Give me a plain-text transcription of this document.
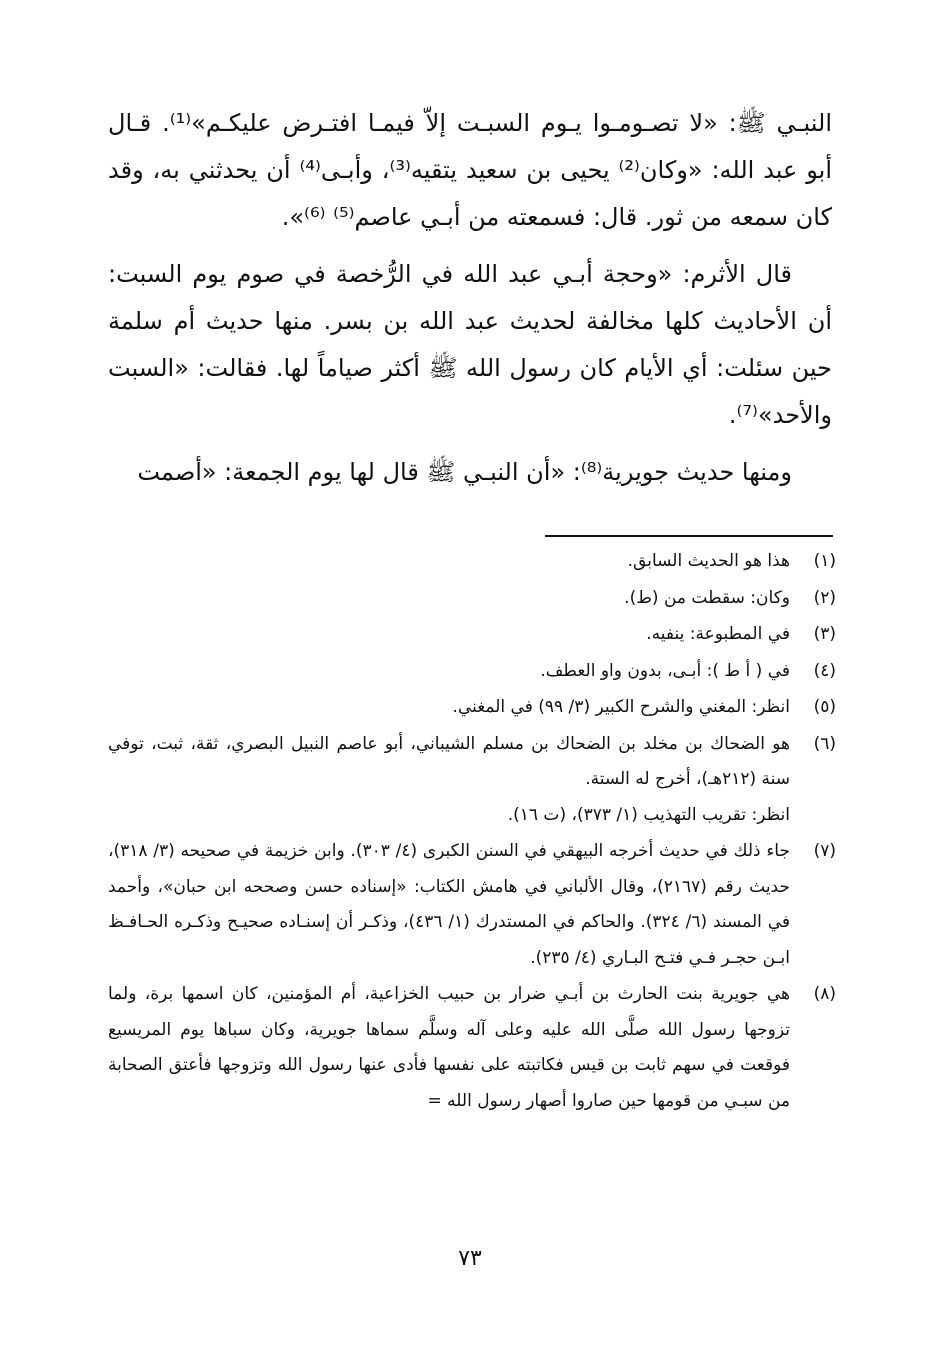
النبـي ﷺ: «لا تصـومـوا يـوم السبـت إلاّ فيمـا افتـرض عليكـم»⁽¹⁾. قـال أبو عبد الله: «وكان⁽²⁾ يحيى بن سعيد يتقيه⁽³⁾، وأبـى⁽⁴⁾ أن يحدثني به، وقد كان سمعه من ثور. قال: فسمعته من أبـي عاصم⁽⁵⁾ ⁽⁶⁾».

قال الأثرم: «وحجة أبـي عبد الله في الرُّخصة في صوم يوم السبت: أن الأحاديث كلها مخالفة لحديث عبد الله بن بسر. منها حديث أم سلمة حين سئلت: أي الأيام كان رسول الله ﷺ أكثر صياماً لها. فقالت: «السبت والأحد»⁽⁷⁾.

ومنها حديث جويرية⁽⁸⁾: «أن النبـي ﷺ قال لها يوم الجمعة: «أصمت

(١)
هذا هو الحديث السابق.
(٢)
وكان: سقطت من (ط).
(٣)
في المطبوعة: ينفيه.
(٤)
في ( أ ط ): أبـى، بدون واو العطف.
(٥)
انظر: المغني والشرح الكبير (٣/ ٩٩) في المغني.
(٦)
هو الضحاك بن مخلد بن الضحاك بن مسلم الشيباني، أبو عاصم النبيل البصري، ثقة، ثبت، توفي سنة (٢١٢هـ)، أخرج له الستة.
انظر: تقريب التهذيب (١/ ٣٧٣)، (ت ١٦).
(٧)
جاء ذلك في حديث أخرجه البيهقي في السنن الكبرى (٤/ ٣٠٣). وابن خزيمة في صحيحه (٣/ ٣١٨)، حديث رقم (٢١٦٧)، وقال الألباني في هامش الكتاب: «إسناده حسن وصححه ابن حبان»، وأحمد في المسند (٦/ ٣٢٤). والحاكم في المستدرك (١/ ٤٣٦)، وذكـر أن إسنـاده صحيـح وذكـره الحـافـظ ابـن حجـر فـي فتـح البـاري (٤/ ٢٣٥).
(٨)
هي جويرية بنت الحارث بن أبـي ضرار بن حبيب الخزاعية، أم المؤمنين، كان اسمها برة، ولما تزوجها رسول الله صلَّى الله عليه وعلى آله وسلَّم سماها جويرية، وكان سباها يوم المريسيع فوقعت في سهم ثابت بن قيس فكاتبته على نفسها فأدى عنها رسول الله وتزوجها فأعتق الصحابة من سبـي من قومها حين صاروا أصهار رسول الله =
٧٣
